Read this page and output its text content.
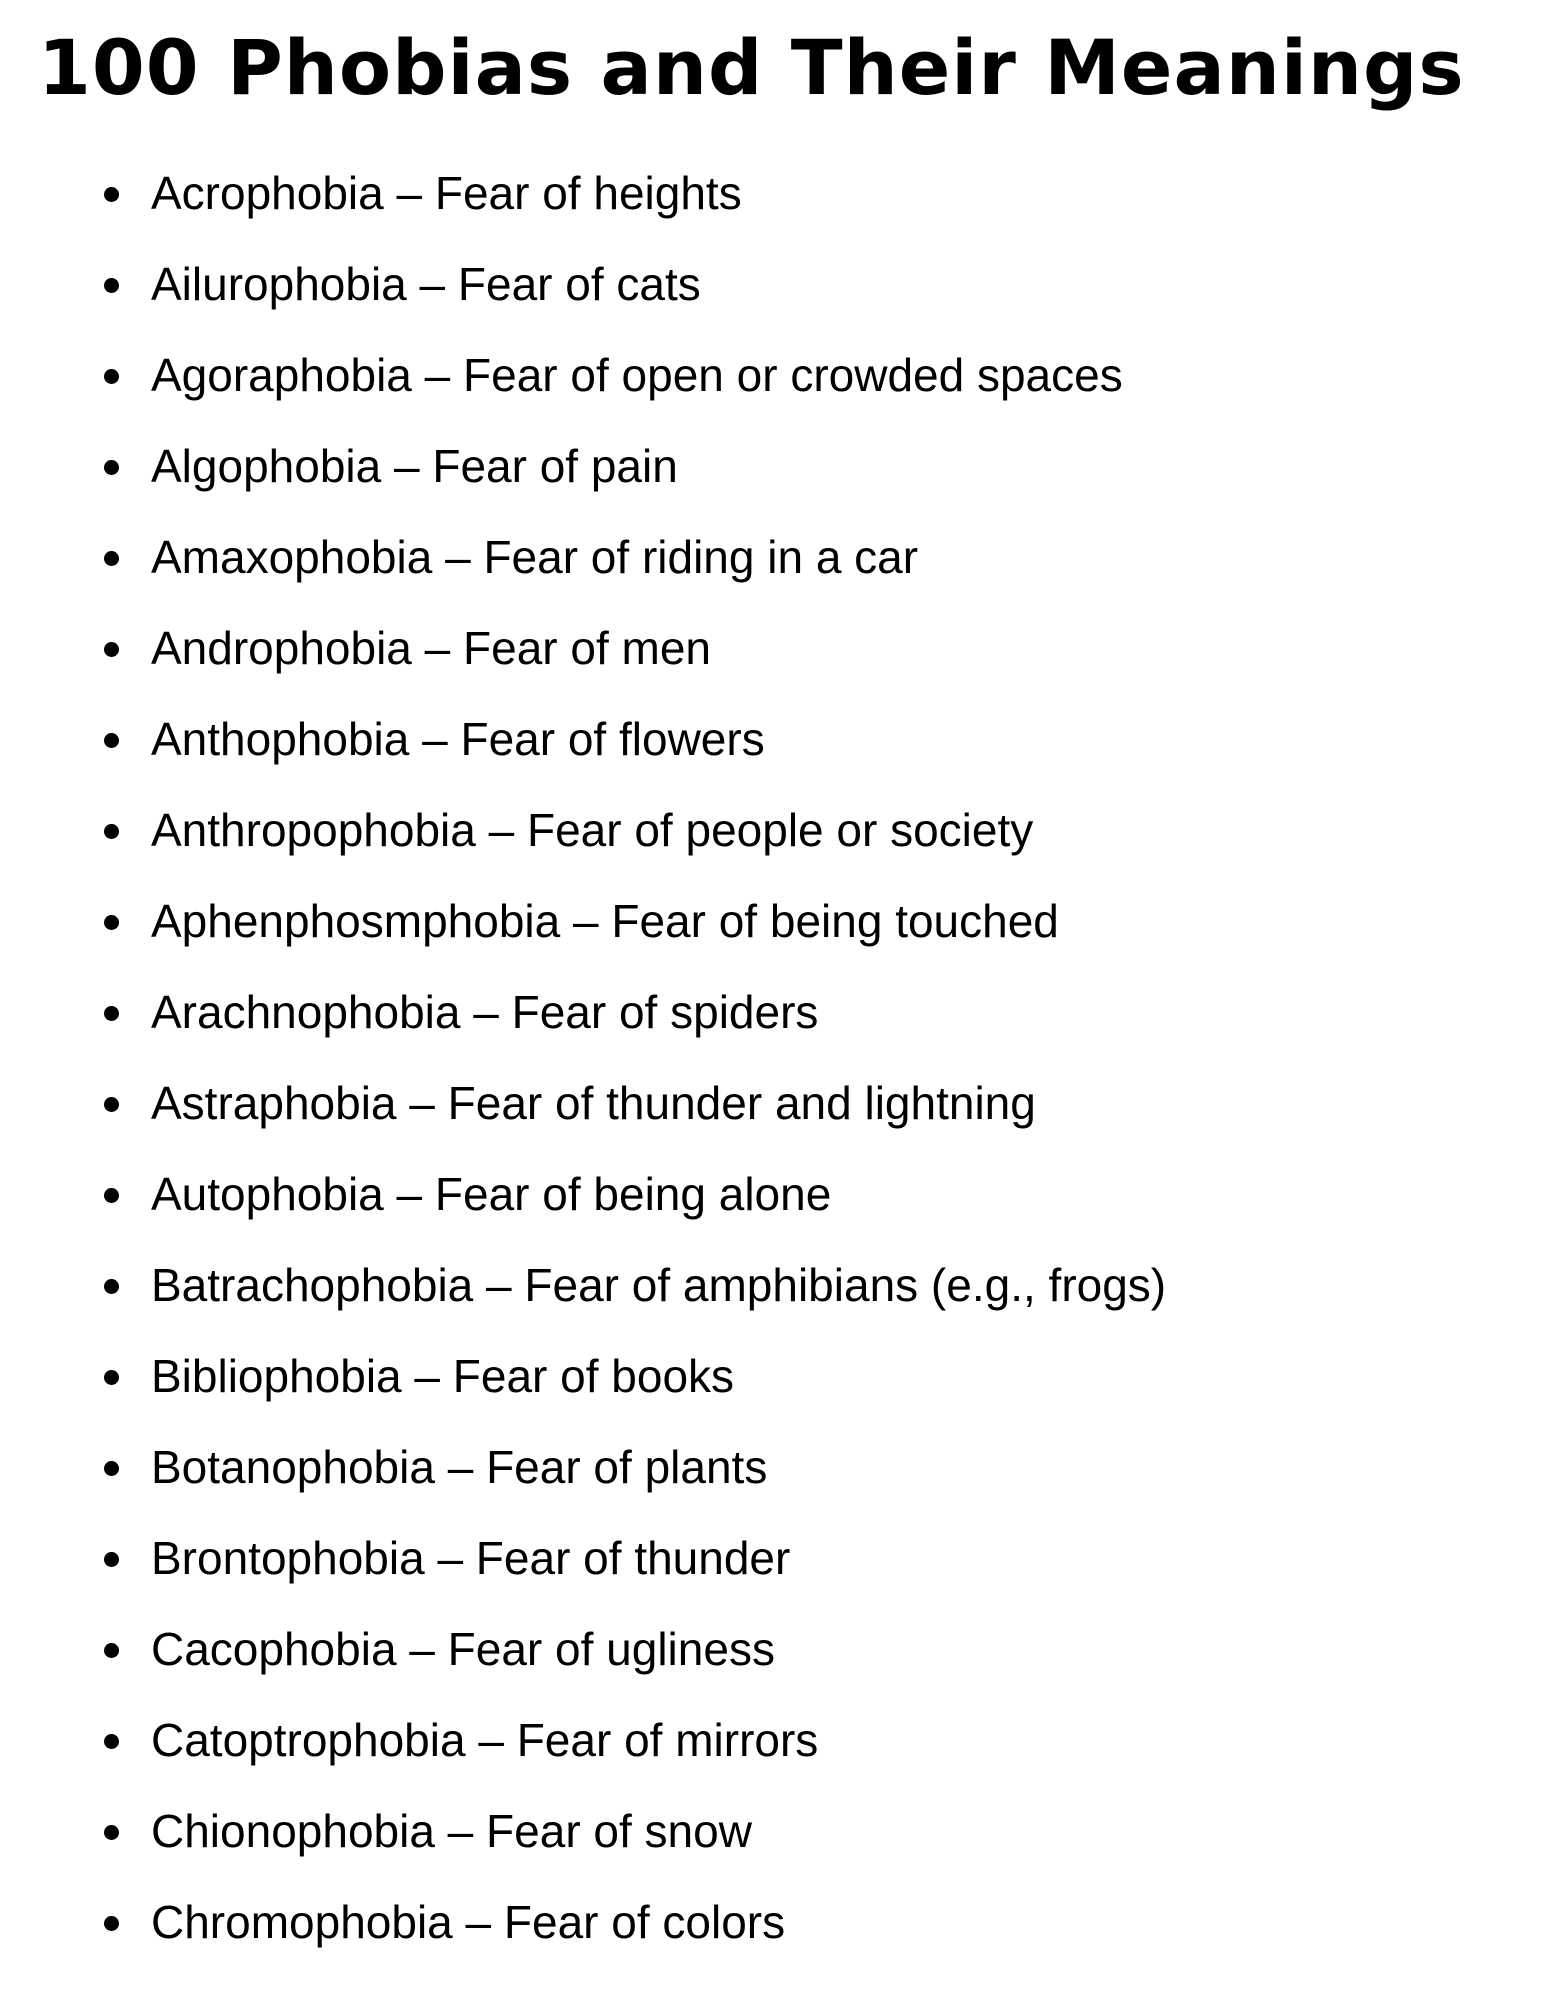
100 Phobias and Their Meanings
Acrophobia – Fear of heights
Ailurophobia – Fear of cats
Agoraphobia – Fear of open or crowded spaces
Algophobia – Fear of pain
Amaxophobia – Fear of riding in a car
Androphobia – Fear of men
Anthophobia – Fear of flowers
Anthropophobia – Fear of people or society
Aphenphosmphobia – Fear of being touched
Arachnophobia – Fear of spiders
Astraphobia – Fear of thunder and lightning
Autophobia – Fear of being alone
Batrachophobia – Fear of amphibians (e.g., frogs)
Bibliophobia – Fear of books
Botanophobia – Fear of plants
Brontophobia – Fear of thunder
Cacophobia – Fear of ugliness
Catoptrophobia – Fear of mirrors
Chionophobia – Fear of snow
Chromophobia – Fear of colors
